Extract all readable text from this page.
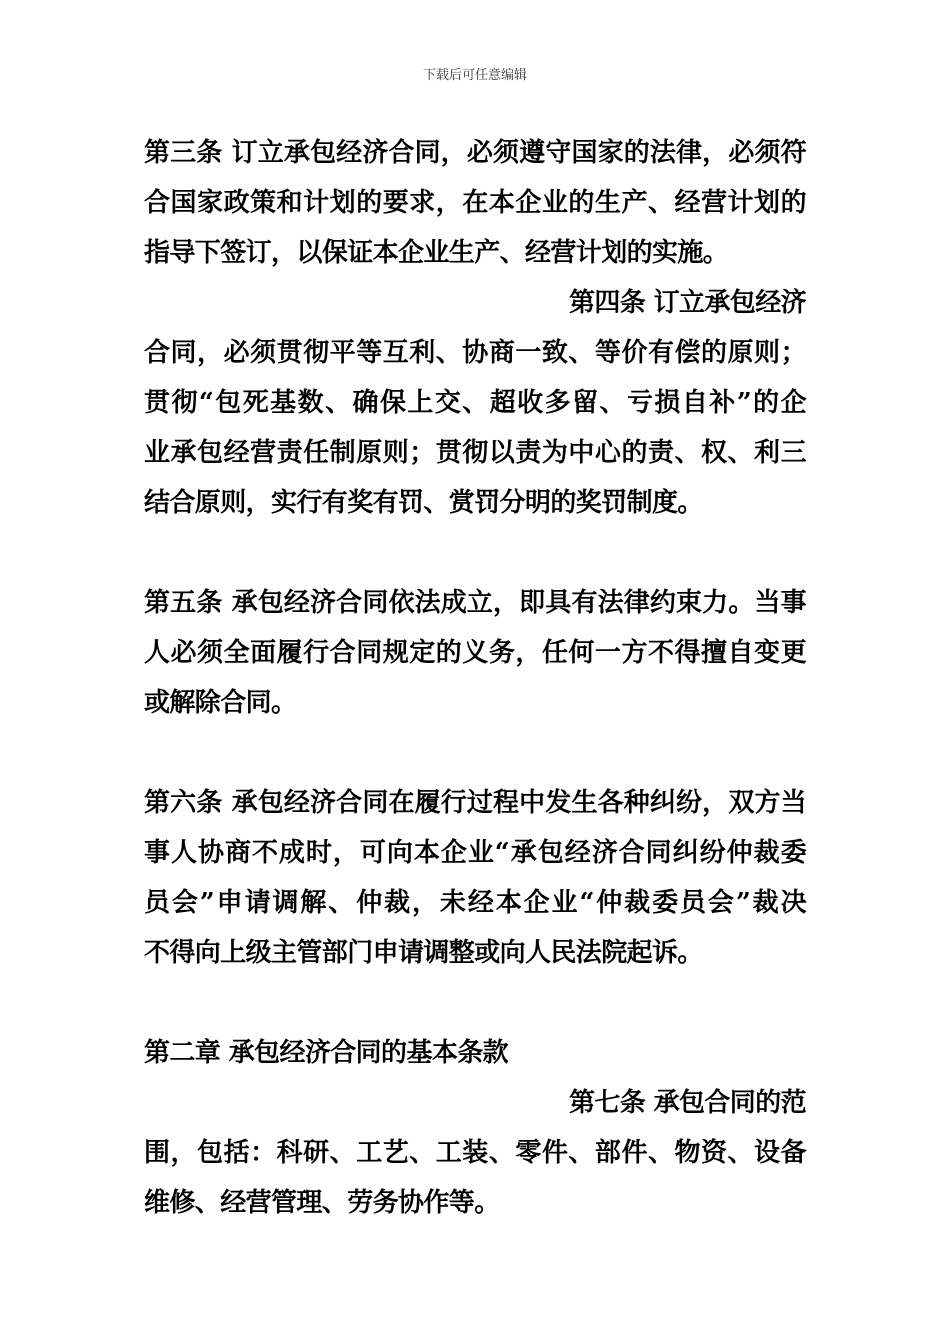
下载后可任意编辑
第三条 订立承包经济合同，必须遵守国家的法律，必须符
合国家政策和计划的要求，在本企业的生产、经营计划的
指导下签订，以保证本企业生产、经营计划的实施。
第四条 订立承包经济
合同，必须贯彻平等互利、协商一致、等价有偿的原则；
贯彻“包死基数、确保上交、超收多留、亏损自补”的企
业承包经营责任制原则；贯彻以责为中心的责、权、利三
结合原则，实行有奖有罚、赏罚分明的奖罚制度。
第五条 承包经济合同依法成立，即具有法律约束力。当事
人必须全面履行合同规定的义务，任何一方不得擅自变更
或解除合同。
第六条 承包经济合同在履行过程中发生各种纠纷，双方当
事人协商不成时，可向本企业“承包经济合同纠纷仲裁委
员会”申请调解、仲裁，未经本企业“仲裁委员会”裁决
不得向上级主管部门申请调整或向人民法院起诉。
第二章 承包经济合同的基本条款
第七条 承包合同的范
围，包括：科研、工艺、工装、零件、部件、物资、设备
维修、经营管理、劳务协作等。
